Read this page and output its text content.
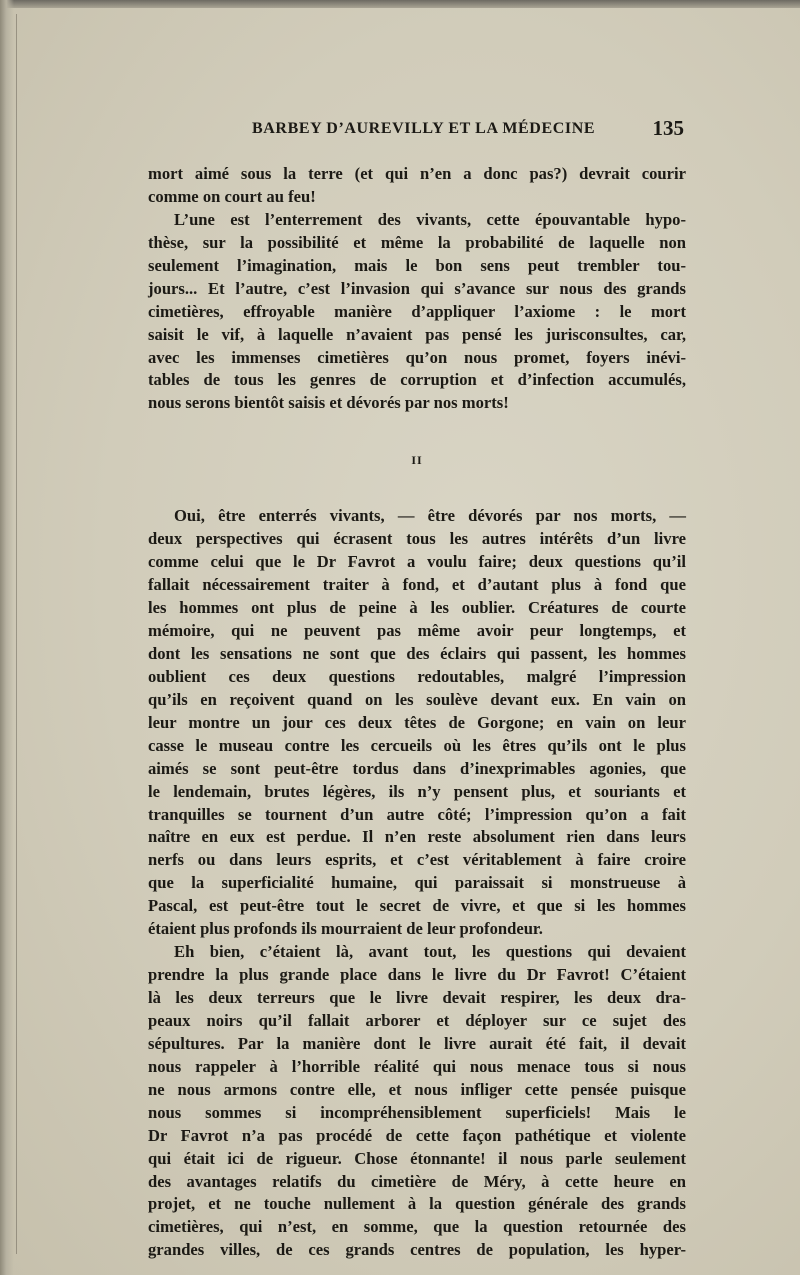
BARBEY D’AUREVILLY ET LA MÉDECINE	135
mort aimé sous la terre (et qui n’en a donc pas?) devrait courir
comme on court au feu!
L’une est l’enterrement des vivants, cette épouvantable hypo-
thèse, sur la possibilité et même la probabilité de laquelle non
seulement l’imagination, mais le bon sens peut trembler tou-
jours... Et l’autre, c’est l’invasion qui s’avance sur nous des grands
cimetières, effroyable manière d’appliquer l’axiome : le mort
saisit le vif, à laquelle n’avaient pas pensé les jurisconsultes, car,
avec les immenses cimetières qu’on nous promet, foyers inévi-
tables de tous les genres de corruption et d’infection accumulés,
nous serons bientôt saisis et dévorés par nos morts!
II
Oui, être enterrés vivants, — être dévorés par nos morts, —
deux perspectives qui écrasent tous les autres intérêts d’un livre
comme celui que le Dr Favrot a voulu faire; deux questions qu’il
fallait nécessairement traiter à fond, et d’autant plus à fond que
les hommes ont plus de peine à les oublier. Créatures de courte
mémoire, qui ne peuvent pas même avoir peur longtemps, et
dont les sensations ne sont que des éclairs qui passent, les hommes
oublient ces deux questions redoutables, malgré l’impression
qu’ils en reçoivent quand on les soulève devant eux. En vain on
leur montre un jour ces deux têtes de Gorgone; en vain on leur
casse le museau contre les cercueils où les êtres qu’ils ont le plus
aimés se sont peut-être tordus dans d’inexprimables agonies, que
le lendemain, brutes légères, ils n’y pensent plus, et souriants et
tranquilles se tournent d’un autre côté; l’impression qu’on a fait
naître en eux est perdue. Il n’en reste absolument rien dans leurs
nerfs ou dans leurs esprits, et c’est véritablement à faire croire
que la superficialité humaine, qui paraissait si monstrueuse à
Pascal, est peut-être tout le secret de vivre, et que si les hommes
étaient plus profonds ils mourraient de leur profondeur.
Eh bien, c’étaient là, avant tout, les questions qui devaient
prendre la plus grande place dans le livre du Dr Favrot! C’étaient
là les deux terreurs que le livre devait respirer, les deux dra-
peaux noirs qu’il fallait arborer et déployer sur ce sujet des
sépultures. Par la manière dont le livre aurait été fait, il devait
nous rappeler à l’horrible réalité qui nous menace tous si nous
ne nous armons contre elle, et nous infliger cette pensée puisque
nous sommes si incompréhensiblement superficiels! Mais le
Dr Favrot n’a pas procédé de cette façon pathétique et violente
qui était ici de rigueur. Chose étonnante! il nous parle seulement
des avantages relatifs du cimetière de Méry, à cette heure en
projet, et ne touche nullement à la question générale des grands
cimetières, qui n’est, en somme, que la question retournée des
grandes villes, de ces grands centres de population, les hyper-
